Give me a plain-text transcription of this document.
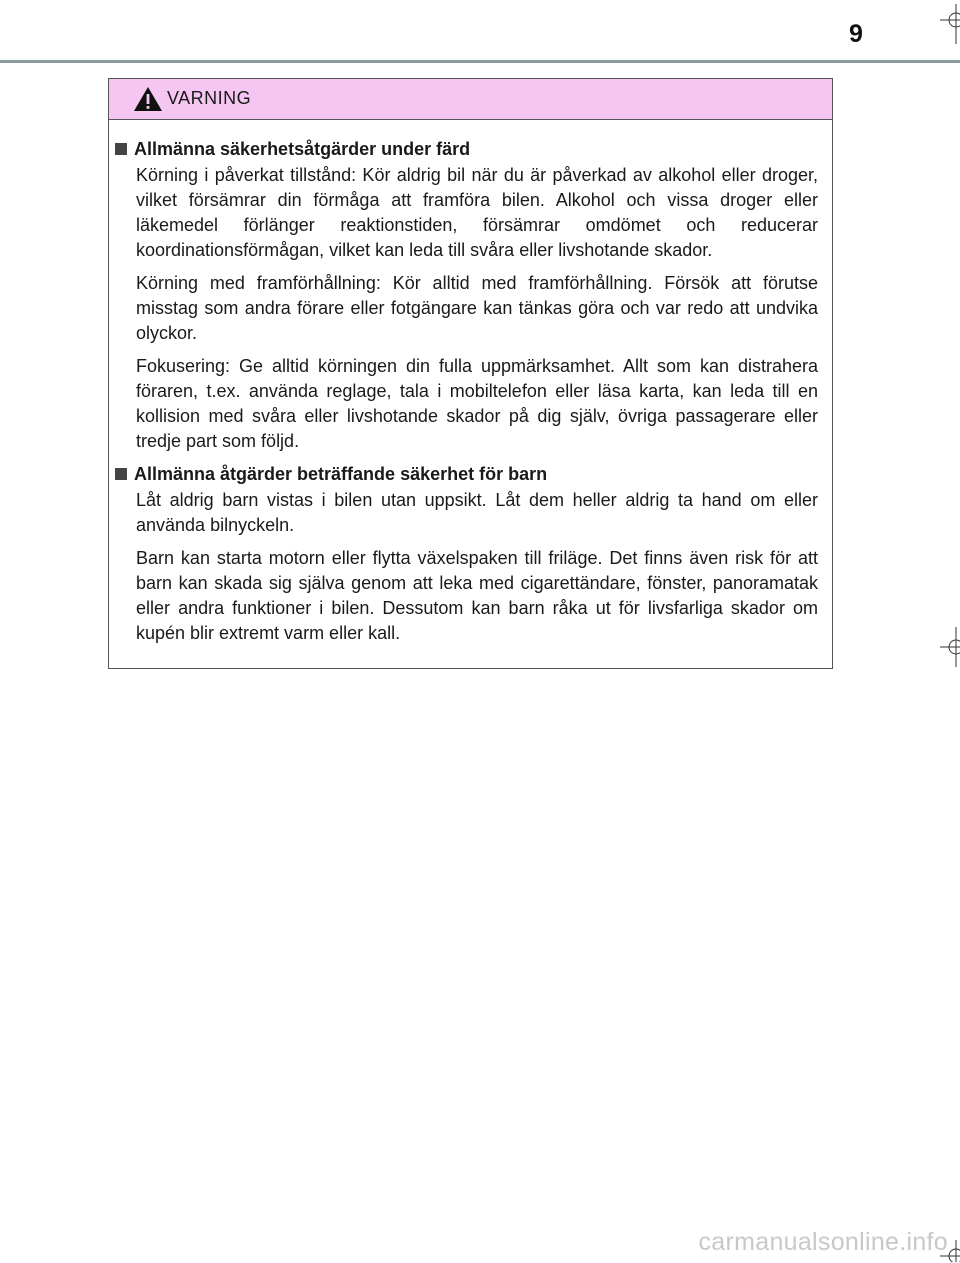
9
VARNING
Allmänna säkerhetsåtgärder under färd

Körning i påverkat tillstånd: Kör aldrig bil när du är påverkad av alkohol eller droger, vilket försämrar din förmåga att framföra bilen. Alkohol och vissa droger eller läkemedel förlänger reaktionstiden, försämrar omdömet och reducerar koordinationsförmågan, vilket kan leda till svåra eller livshotande skador.

Körning med framförhållning: Kör alltid med framförhållning. Försök att förutse misstag som andra förare eller fotgängare kan tänkas göra och var redo att undvika olyckor.

Fokusering: Ge alltid körningen din fulla uppmärksamhet. Allt som kan distrahera föraren, t.ex. använda reglage, tala i mobiltelefon eller läsa karta, kan leda till en kollision med svåra eller livshotande skador på dig själv, övriga passagerare eller tredje part som följd.

Allmänna åtgärder beträffande säkerhet för barn

Låt aldrig barn vistas i bilen utan uppsikt. Låt dem heller aldrig ta hand om eller använda bilnyckeln.

Barn kan starta motorn eller flytta växelspaken till friläge. Det finns även risk för att barn kan skada sig själva genom att leka med cigarettändare, fönster, panoramatak eller andra funktioner i bilen. Dessutom kan barn råka ut för livsfarliga skador om kupén blir extremt varm eller kall.

carmanualsonline.info
